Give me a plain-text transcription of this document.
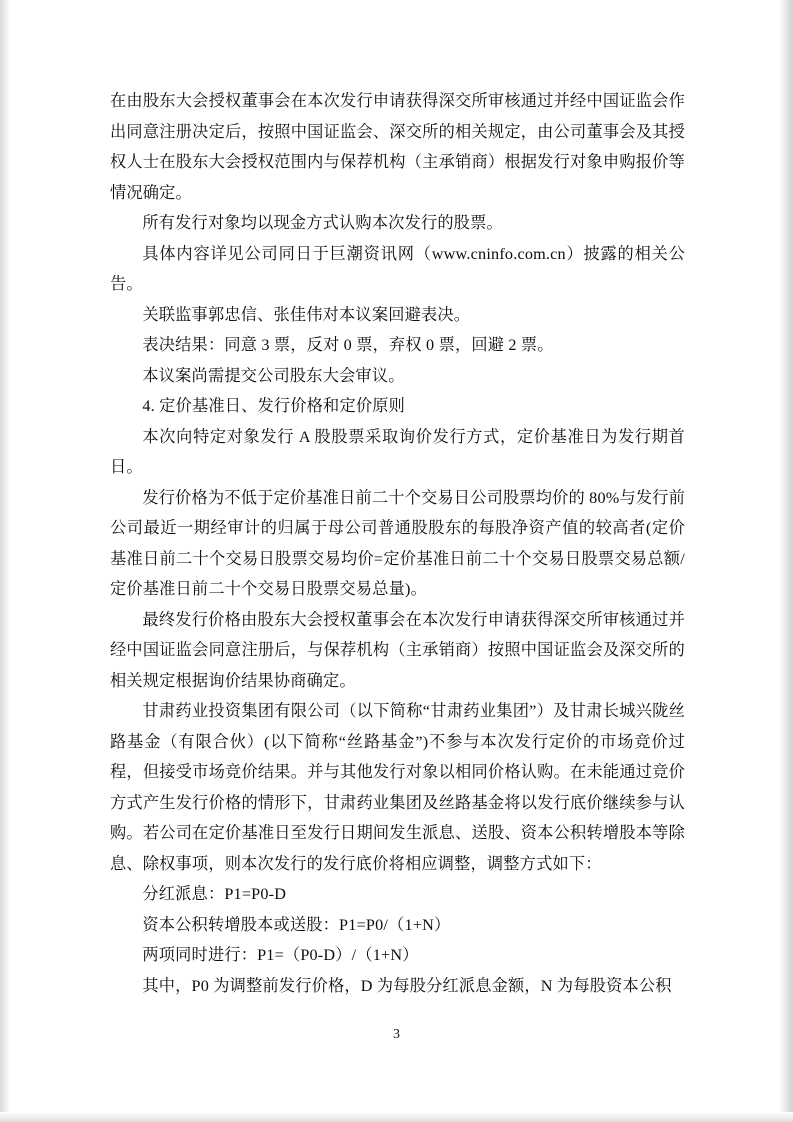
在由股东大会授权董事会在本次发行申请获得深交所审核通过并经中国证监会作出同意注册决定后，按照中国证监会、深交所的相关规定，由公司董事会及其授权人士在股东大会授权范围内与保荐机构（主承销商）根据发行对象申购报价等情况确定。

所有发行对象均以现金方式认购本次发行的股票。

具体内容详见公司同日于巨潮资讯网（www.cninfo.com.cn）披露的相关公告。

关联监事郭忠信、张佳伟对本议案回避表决。

表决结果：同意 3 票，反对 0 票，弃权 0 票，回避 2 票。

本议案尚需提交公司股东大会审议。

4. 定价基准日、发行价格和定价原则

本次向特定对象发行 A 股股票采取询价发行方式，定价基准日为发行期首日。

发行价格为不低于定价基准日前二十个交易日公司股票均价的 80%与发行前公司最近一期经审计的归属于母公司普通股股东的每股净资产值的较高者(定价基准日前二十个交易日股票交易均价=定价基准日前二十个交易日股票交易总额/定价基准日前二十个交易日股票交易总量)。

最终发行价格由股东大会授权董事会在本次发行申请获得深交所审核通过并经中国证监会同意注册后，与保荐机构（主承销商）按照中国证监会及深交所的相关规定根据询价结果协商确定。

甘肃药业投资集团有限公司（以下简称“甘肃药业集团”）及甘肃长城兴陇丝路基金（有限合伙）(以下简称“丝路基金”)不参与本次发行定价的市场竞价过程，但接受市场竞价结果。并与其他发行对象以相同价格认购。在未能通过竞价方式产生发行价格的情形下，甘肃药业集团及丝路基金将以发行底价继续参与认购。若公司在定价基准日至发行日期间发生派息、送股、资本公积转增股本等除息、除权事项，则本次发行的发行底价将相应调整，调整方式如下：

分红派息：P1=P0-D

资本公积转增股本或送股：P1=P0/（1+N）

两项同时进行：P1=（P0-D）/（1+N）

其中，P0 为调整前发行价格，D 为每股分红派息金额，N 为每股资本公积

3
